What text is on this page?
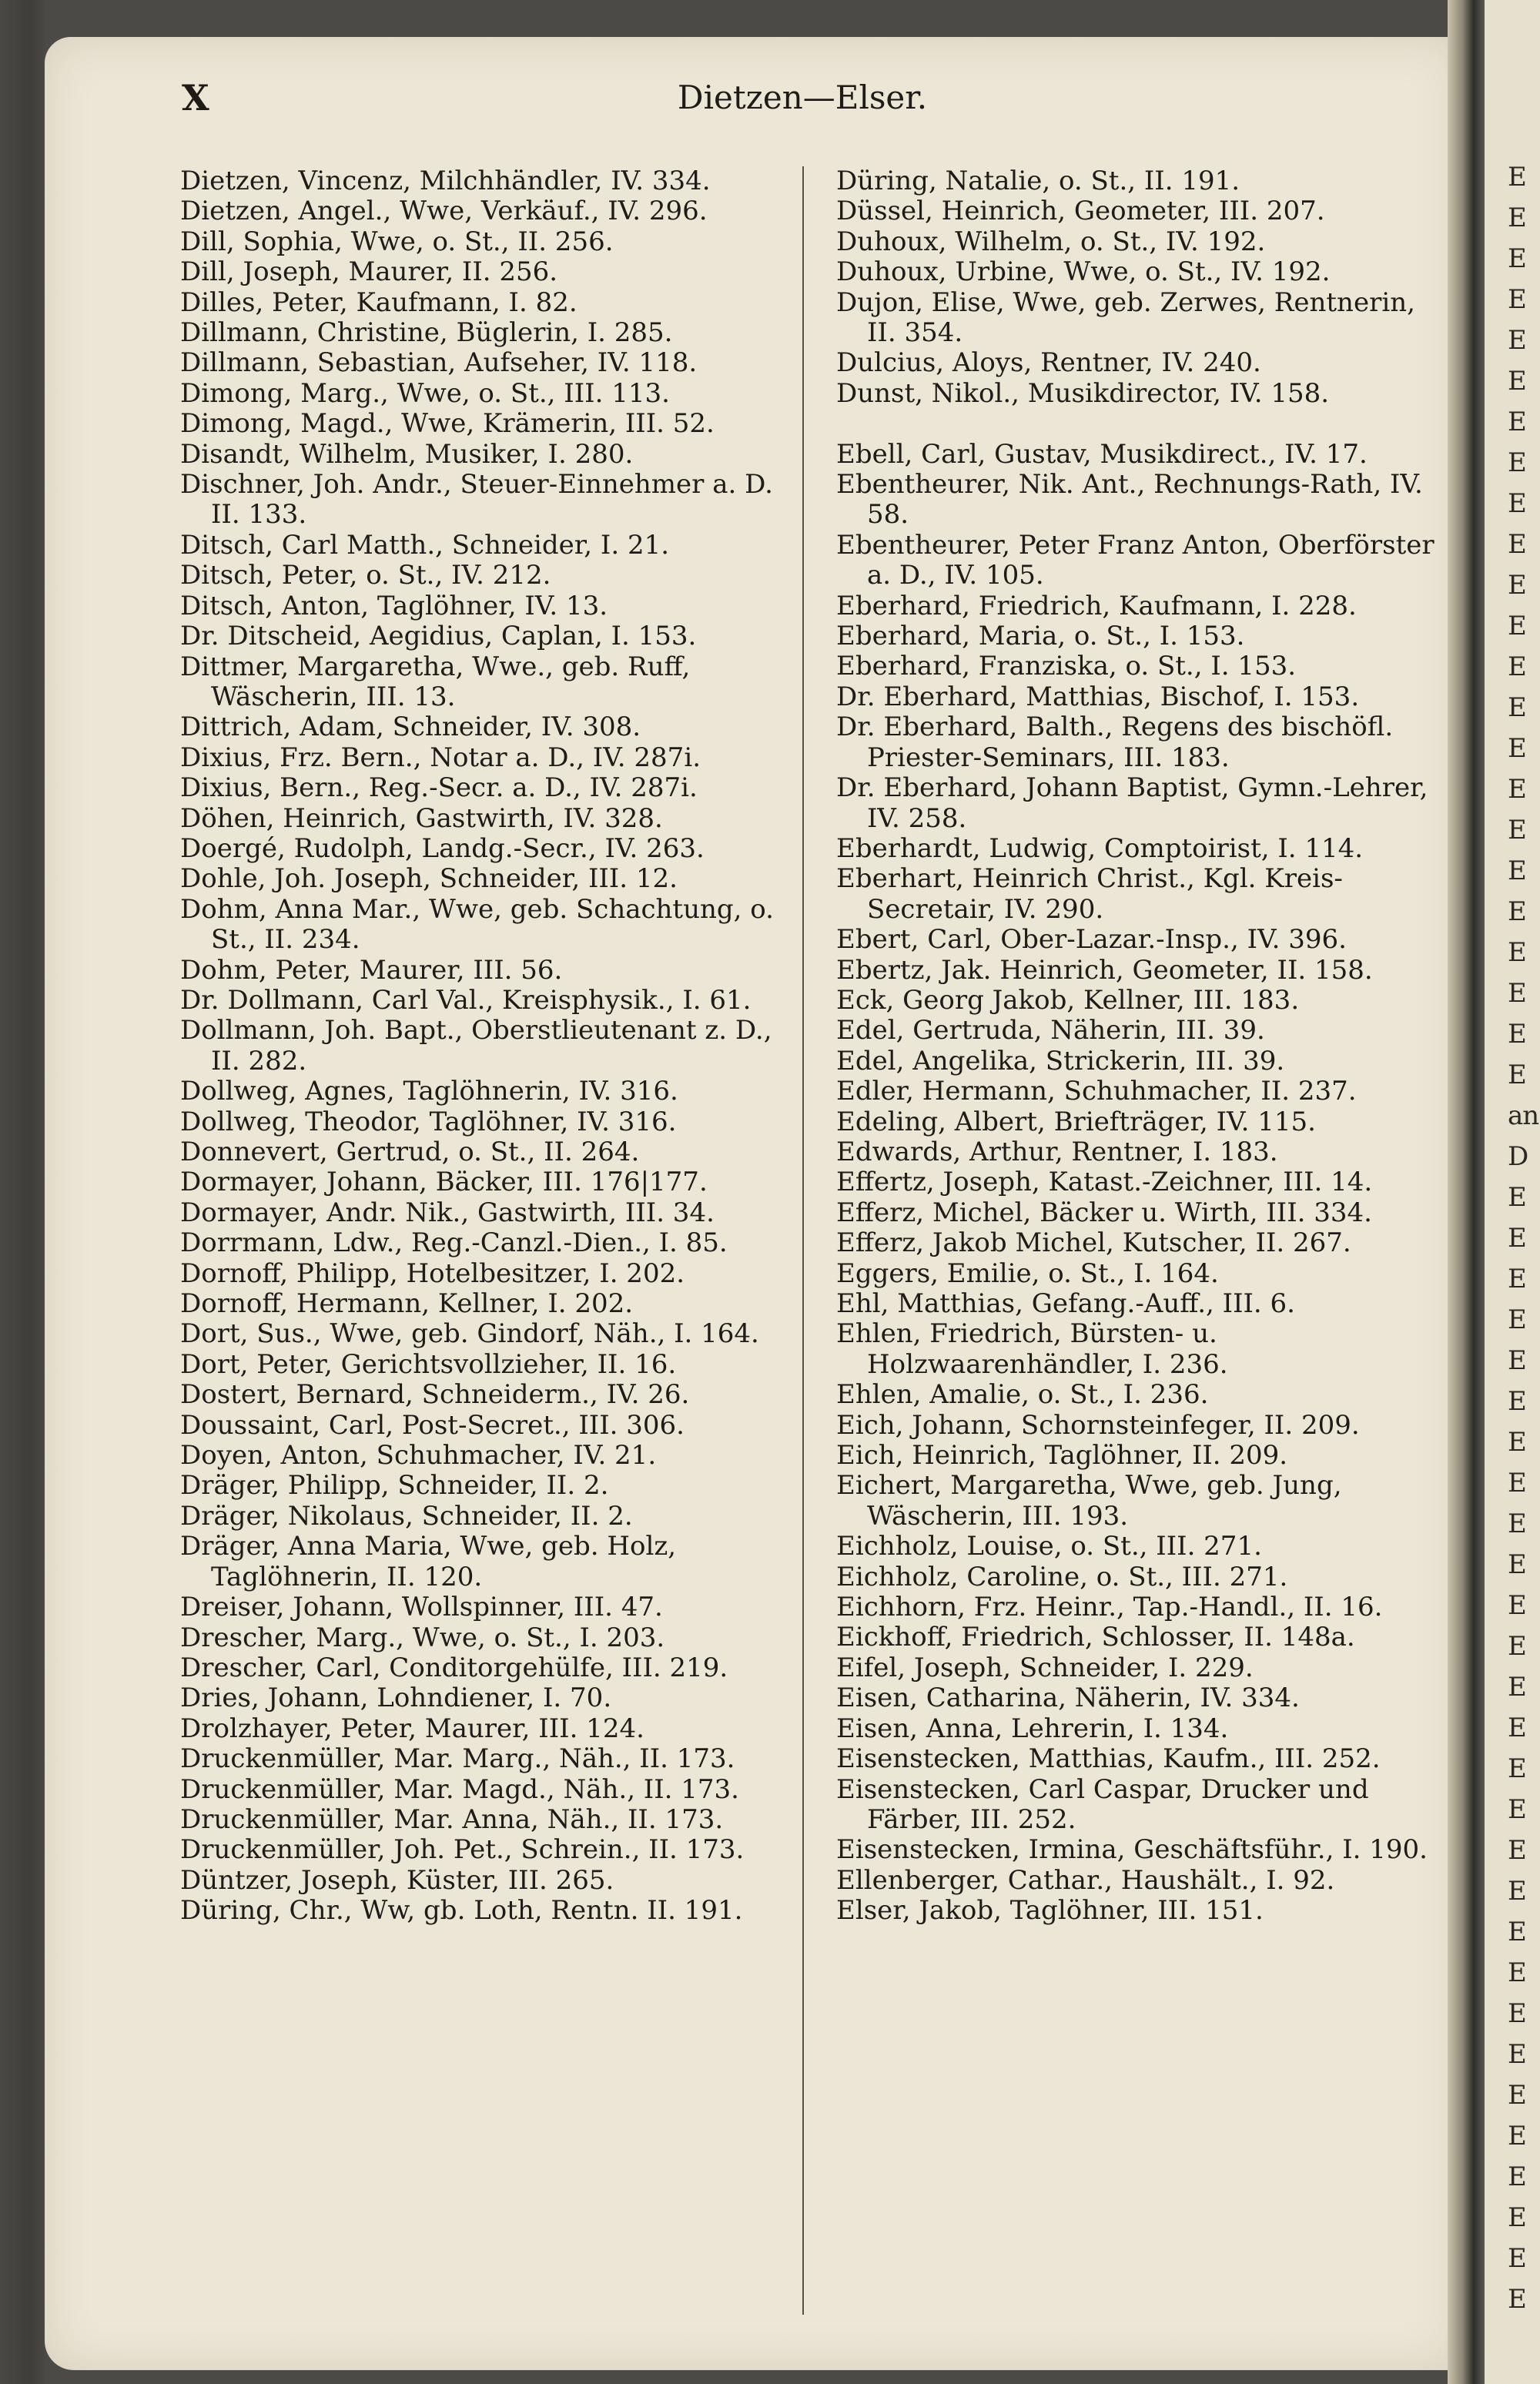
E
E
E
E
E
E
E
E
E
E
E
E
E
E
E
E
E
E
E
E
E
E
E
an
D
E
E
E
E
E
E
E
E
E
E
E
E
E
E
E
E
E
E
E
E
E
E
E
E
E
E
E
E
X	Dietzen—Elser.
Dietzen, Vincenz, Milchhändler, IV. 334.
Dietzen, Angel., Wwe, Verkäuf., IV. 296.
Dill, Sophia, Wwe, o. St., II. 256.
Dill, Joseph, Maurer, II. 256.
Dilles, Peter, Kaufmann, I. 82.
Dillmann, Christine, Büglerin, I. 285.
Dillmann, Sebastian, Aufseher, IV. 118.
Dimong, Marg., Wwe, o. St., III. 113.
Dimong, Magd., Wwe, Krämerin, III. 52.
Disandt, Wilhelm, Musiker, I. 280.
Dischner, Joh. Andr., Steuer-Einnehmer a. D. II. 133.
Ditsch, Carl Matth., Schneider, I. 21.
Ditsch, Peter, o. St., IV. 212.
Ditsch, Anton, Taglöhner, IV. 13.
Dr. Ditscheid, Aegidius, Caplan, I. 153.
Dittmer, Margaretha, Wwe., geb. Ruff, Wäscherin, III. 13.
Dittrich, Adam, Schneider, IV. 308.
Dixius, Frz. Bern., Notar a. D., IV. 287i.
Dixius, Bern., Reg.-Secr. a. D., IV. 287i.
Döhen, Heinrich, Gastwirth, IV. 328.
Doergé, Rudolph, Landg.-Secr., IV. 263.
Dohle, Joh. Joseph, Schneider, III. 12.
Dohm, Anna Mar., Wwe, geb. Schachtung, o. St., II. 234.
Dohm, Peter, Maurer, III. 56.
Dr. Dollmann, Carl Val., Kreisphysik., I. 61.
Dollmann, Joh. Bapt., Oberstlieutenant z. D., II. 282.
Dollweg, Agnes, Taglöhnerin, IV. 316.
Dollweg, Theodor, Taglöhner, IV. 316.
Donnevert, Gertrud, o. St., II. 264.
Dormayer, Johann, Bäcker, III. 176|177.
Dormayer, Andr. Nik., Gastwirth, III. 34.
Dorrmann, Ldw., Reg.-Canzl.-Dien., I. 85.
Dornoff, Philipp, Hotelbesitzer, I. 202.
Dornoff, Hermann, Kellner, I. 202.
Dort, Sus., Wwe, geb. Gindorf, Näh., I. 164.
Dort, Peter, Gerichtsvollzieher, II. 16.
Dostert, Bernard, Schneiderm., IV. 26.
Doussaint, Carl, Post-Secret., III. 306.
Doyen, Anton, Schuhmacher, IV. 21.
Dräger, Philipp, Schneider, II. 2.
Dräger, Nikolaus, Schneider, II. 2.
Dräger, Anna Maria, Wwe, geb. Holz, Taglöhnerin, II. 120.
Dreiser, Johann, Wollspinner, III. 47.
Drescher, Marg., Wwe, o. St., I. 203.
Drescher, Carl, Conditorgehülfe, III. 219.
Dries, Johann, Lohndiener, I. 70.
Drolzhayer, Peter, Maurer, III. 124.
Druckenmüller, Mar. Marg., Näh., II. 173.
Druckenmüller, Mar. Magd., Näh., II. 173.
Druckenmüller, Mar. Anna, Näh., II. 173.
Druckenmüller, Joh. Pet., Schrein., II. 173.
Düntzer, Joseph, Küster, III. 265.
Düring, Chr., Ww, gb. Loth, Rentn. II. 191.
Düring, Natalie, o. St., II. 191.
Düssel, Heinrich, Geometer, III. 207.
Duhoux, Wilhelm, o. St., IV. 192.
Duhoux, Urbine, Wwe, o. St., IV. 192.
Dujon, Elise, Wwe, geb. Zerwes, Rentnerin, II. 354.
Dulcius, Aloys, Rentner, IV. 240.
Dunst, Nikol., Musikdirector, IV. 158.
Ebell, Carl, Gustav, Musikdirect., IV. 17.
Ebentheurer, Nik. Ant., Rechnungs-Rath, IV. 58.
Ebentheurer, Peter Franz Anton, Oberförster a. D., IV. 105.
Eberhard, Friedrich, Kaufmann, I. 228.
Eberhard, Maria, o. St., I. 153.
Eberhard, Franziska, o. St., I. 153.
Dr. Eberhard, Matthias, Bischof, I. 153.
Dr. Eberhard, Balth., Regens des bischöfl. Priester-Seminars, III. 183.
Dr. Eberhard, Johann Baptist, Gymn.-Lehrer, IV. 258.
Eberhardt, Ludwig, Comptoirist, I. 114.
Eberhart, Heinrich Christ., Kgl. Kreis-Secretair, IV. 290.
Ebert, Carl, Ober-Lazar.-Insp., IV. 396.
Ebertz, Jak. Heinrich, Geometer, II. 158.
Eck, Georg Jakob, Kellner, III. 183.
Edel, Gertruda, Näherin, III. 39.
Edel, Angelika, Strickerin, III. 39.
Edler, Hermann, Schuhmacher, II. 237.
Edeling, Albert, Briefträger, IV. 115.
Edwards, Arthur, Rentner, I. 183.
Effertz, Joseph, Katast.-Zeichner, III. 14.
Efferz, Michel, Bäcker u. Wirth, III. 334.
Efferz, Jakob Michel, Kutscher, II. 267.
Eggers, Emilie, o. St., I. 164.
Ehl, Matthias, Gefang.-Auff., III. 6.
Ehlen, Friedrich, Bürsten- u. Holzwaarenhändler, I. 236.
Ehlen, Amalie, o. St., I. 236.
Eich, Johann, Schornsteinfeger, II. 209.
Eich, Heinrich, Taglöhner, II. 209.
Eichert, Margaretha, Wwe, geb. Jung, Wäscherin, III. 193.
Eichholz, Louise, o. St., III. 271.
Eichholz, Caroline, o. St., III. 271.
Eichhorn, Frz. Heinr., Tap.-Handl., II. 16.
Eickhoff, Friedrich, Schlosser, II. 148a.
Eifel, Joseph, Schneider, I. 229.
Eisen, Catharina, Näherin, IV. 334.
Eisen, Anna, Lehrerin, I. 134.
Eisenstecken, Matthias, Kaufm., III. 252.
Eisenstecken, Carl Caspar, Drucker und Färber, III. 252.
Eisenstecken, Irmina, Geschäftsführ., I. 190.
Ellenberger, Cathar., Haushält., I. 92.
Elser, Jakob, Taglöhner, III. 151.
